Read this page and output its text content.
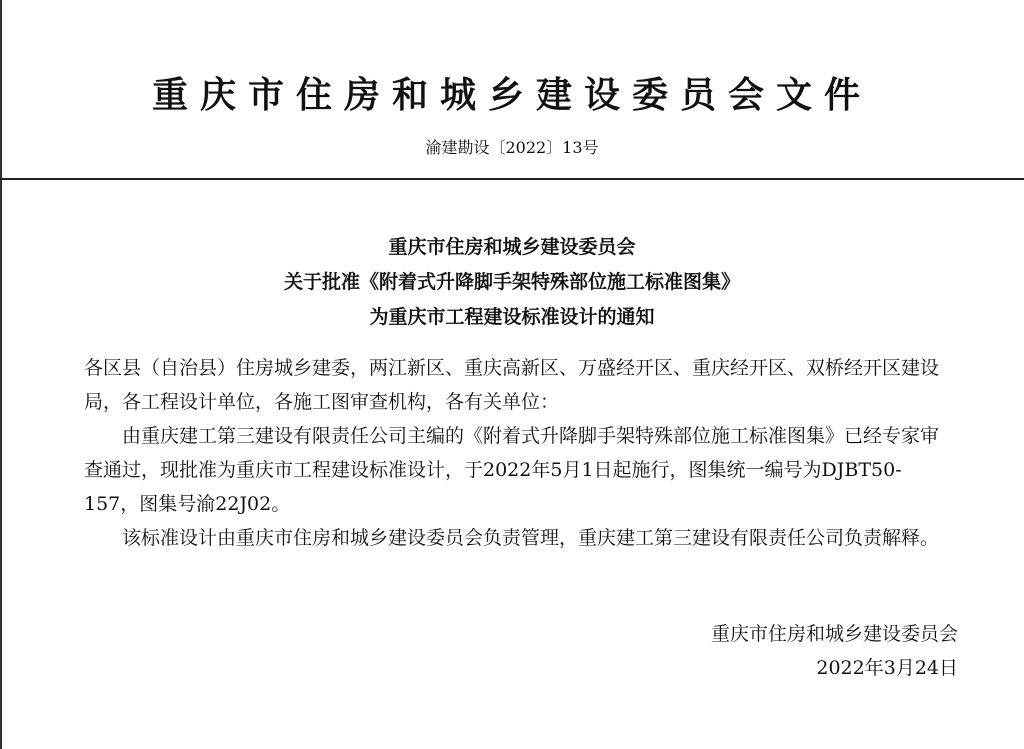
重庆市住房和城乡建设委员会文件
渝建勘设〔2022〕13号
重庆市住房和城乡建设委员会
关于批准《附着式升降脚手架特殊部位施工标准图集》
为重庆市工程建设标准设计的通知

各区县（自治县）住房城乡建委，两江新区、重庆高新区、万盛经开区、重庆经开区、双桥经开区建设局，各工程设计单位，各施工图审查机构，各有关单位：

由重庆建工第三建设有限责任公司主编的《附着式升降脚手架特殊部位施工标准图集》已经专家审查通过，现批准为重庆市工程建设标准设计，于2022年5月1日起施行，图集统一编号为DJBT50-157，图集号渝22J02。

该标准设计由重庆市住房和城乡建设委员会负责管理，重庆建工第三建设有限责任公司负责解释。

重庆市住房和城乡建设委员会
2022年3月24日
